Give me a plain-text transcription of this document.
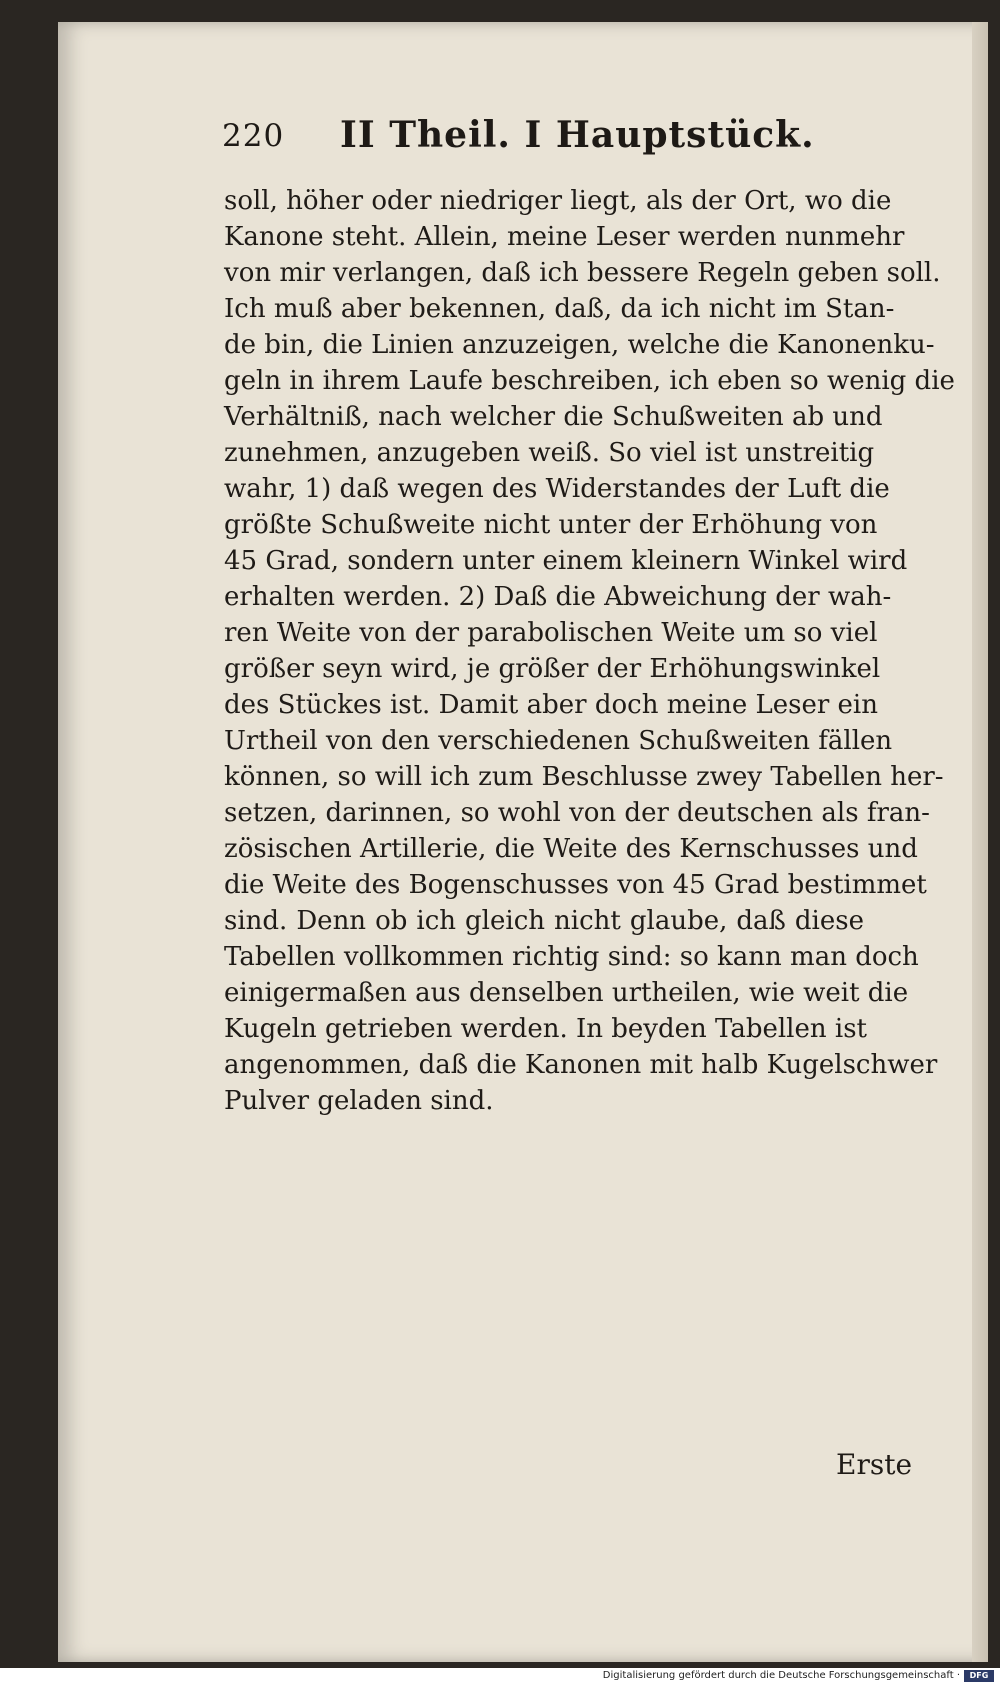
220 II Theil. I Hauptstück.
soll, höher oder niedriger liegt, als der Ort, wo die
Kanone steht. Allein, meine Leser werden nunmehr
von mir verlangen, daß ich bessere Regeln geben soll.
Ich muß aber bekennen, daß, da ich nicht im Stan-
de bin, die Linien anzuzeigen, welche die Kanonenku-
geln in ihrem Laufe beschreiben, ich eben so wenig die
Verhältniß, nach welcher die Schußweiten ab und
zunehmen, anzugeben weiß. So viel ist unstreitig
wahr, 1) daß wegen des Widerstandes der Luft die
größte Schußweite nicht unter der Erhöhung von
45 Grad, sondern unter einem kleinern Winkel wird
erhalten werden. 2) Daß die Abweichung der wah-
ren Weite von der parabolischen Weite um so viel
größer seyn wird, je größer der Erhöhungswinkel
des Stückes ist. Damit aber doch meine Leser ein
Urtheil von den verschiedenen Schußweiten fällen
können, so will ich zum Beschlusse zwey Tabellen her-
setzen, darinnen, so wohl von der deutschen als fran-
zösischen Artillerie, die Weite des Kernschusses und
die Weite des Bogenschusses von 45 Grad bestimmet
sind. Denn ob ich gleich nicht glaube, daß diese
Tabellen vollkommen richtig sind: so kann man doch
einigermaßen aus denselben urtheilen, wie weit die
Kugeln getrieben werden. In beyden Tabellen ist
angenommen, daß die Kanonen mit halb Kugelschwer
Pulver geladen sind.
Erste
Digitalisierung gefördert durch die Deutsche Forschungsgemeinschaft ·	DFG
